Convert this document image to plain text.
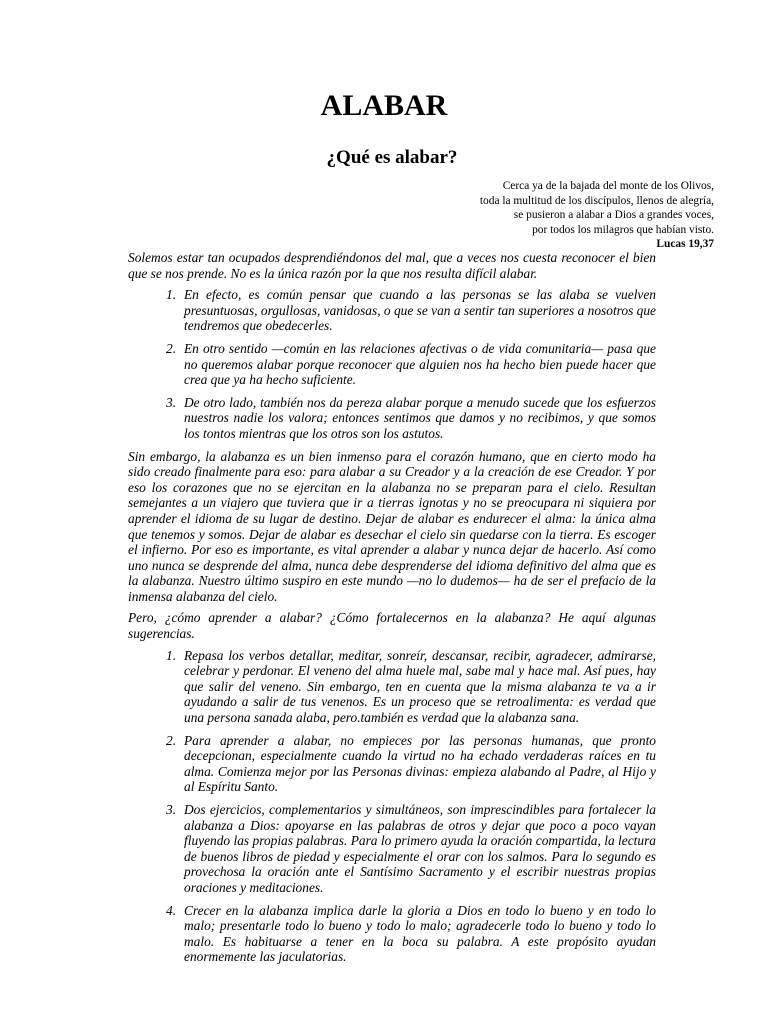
ALABAR
¿Qué es alabar?
Cerca ya de la bajada del monte de los Olivos,
toda la multitud de los discípulos, llenos de alegría,
se pusieron a alabar a Dios a grandes voces,
por todos los milagros que habían visto.
Lucas 19,37

Solemos estar tan ocupados desprendiéndonos del mal, que a veces nos cuesta reconocer el bien que se nos prende. No es la única razón por la que nos resulta difícil alabar.

1. En efecto, es común pensar que cuando a las personas se las alaba se vuelven presuntuosas, orgullosas, vanidosas, o que se van a sentir tan superiores a nosotros que tendremos que obedecerles.
2. En otro sentido —común en las relaciones afectivas o de vida comunitaria— pasa que no queremos alabar porque reconocer que alguien nos ha hecho bien puede hacer que crea que ya ha hecho suficiente.
3. De otro lado, también nos da pereza alabar porque a menudo sucede que los esfuerzos nuestros nadie los valora; entonces sentimos que damos y no recibimos, y que somos los tontos mientras que los otros son los astutos.

Sin embargo, la alabanza es un bien inmenso para el corazón humano, que en cierto modo ha sido creado finalmente para eso: para alabar a su Creador y a la creación de ese Creador. Y por eso los corazones que no se ejercitan en la alabanza no se preparan para el cielo. Resultan semejantes a un viajero que tuviera que ir a tierras ignotas y no se preocupara ni siquiera por aprender el idioma de su lugar de destino. Dejar de alabar es endurecer el alma: la única alma que tenemos y somos. Dejar de alabar es desechar el cielo sin quedarse con la tierra. Es escoger el infierno. Por eso es importante, es vital aprender a alabar y nunca dejar de hacerlo. Así como uno nunca se desprende del alma, nunca debe desprenderse del idioma definitivo del alma que es la alabanza. Nuestro último suspiro en este mundo —no lo dudemos— ha de ser el prefacio de la inmensa alabanza del cielo.

Pero, ¿cómo aprender a alabar? ¿Cómo fortalecernos en la alabanza? He aquí algunas sugerencias.

1. Repasa los verbos detallar, meditar, sonreír, descansar, recibir, agradecer, admirarse, celebrar y perdonar. El veneno del alma huele mal, sabe mal y hace mal. Así pues, hay que salir del veneno. Sin embargo, ten en cuenta que la misma alabanza te va a ir ayudando a salir de tus venenos. Es un proceso que se retroalimenta: es verdad que una persona sanada alaba, pero.también es verdad que la alabanza sana.
2. Para aprender a alabar, no empieces por las personas humanas, que pronto decepcionan, especialmente cuando la virtud no ha echado verdaderas raíces en tu alma. Comienza mejor por las Personas divinas: empieza alabando al Padre, al Hijo y al Espíritu Santo.
3. Dos ejercicios, complementarios y simultáneos, son imprescindibles para fortalecer la alabanza a Dios: apoyarse en las palabras de otros y dejar que poco a poco vayan fluyendo las propias palabras. Para lo primero ayuda la oración compartida, la lectura de buenos libros de piedad y especialmente el orar con los salmos. Para lo segundo es provechosa la oración ante el Santísimo Sacramento y el escribir nuestras propias oraciones y meditaciones.
4. Crecer en la alabanza implica darle la gloria a Dios en todo lo bueno y en todo lo malo; presentarle todo lo bueno y todo lo malo; agradecerle todo lo bueno y todo lo malo. Es habituarse a tener en la boca su palabra. A este propósito ayudan enormemente las jaculatorias.
